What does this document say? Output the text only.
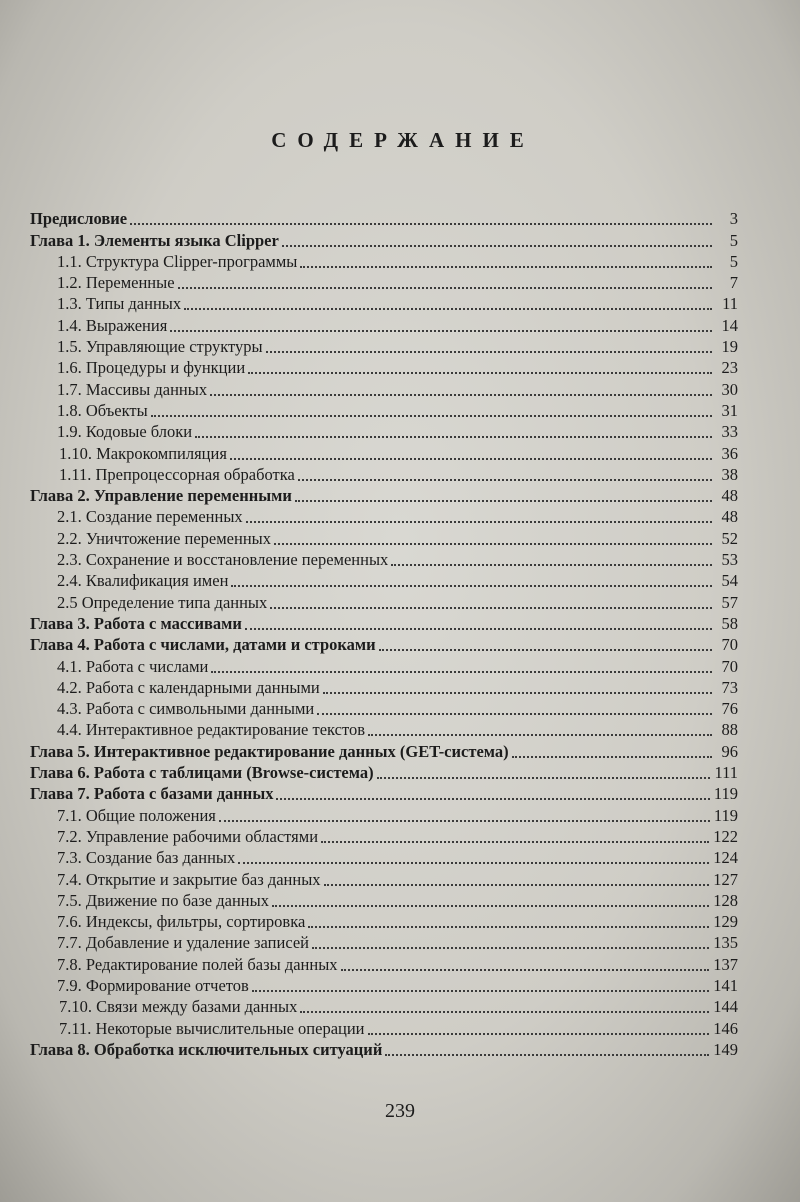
СОДЕРЖАНИЕ
Предисловие	3
Глава 1. Элементы языка Clipper	5
1.1. Структура Clipper-программы	5
1.2. Переменные	7
1.3. Типы данных	11
1.4. Выражения	14
1.5. Управляющие структуры	19
1.6. Процедуры и функции	23
1.7. Массивы данных	30
1.8. Объекты	31
1.9. Кодовые блоки	33
1.10. Макрокомпиляция	36
1.11. Препроцессорная обработка	38
Глава 2. Управление переменными	48
2.1. Создание переменных	48
2.2. Уничтожение переменных	52
2.3. Сохранение и восстановление переменных	53
2.4. Квалификация имен	54
2.5 Определение типа данных	57
Глава 3. Работа с массивами	58
Глава 4. Работа с числами, датами и строками	70
4.1. Работа с числами	70
4.2. Работа с календарными данными	73
4.3. Работа с символьными данными	76
4.4. Интерактивное редактирование текстов	88
Глава 5. Интерактивное редактирование данных (GET-система)	96
Глава 6. Работа с таблицами (Browse-система)	111
Глава 7. Работа с базами данных	119
7.1. Общие положения	119
7.2. Управление рабочими областями	122
7.3. Создание баз данных	124
7.4. Открытие и закрытие баз данных	127
7.5. Движение по базе данных	128
7.6. Индексы, фильтры, сортировка	129
7.7. Добавление и удаление записей	135
7.8. Редактирование полей базы данных	137
7.9. Формирование отчетов	141
7.10. Связи между базами данных	144
7.11. Некоторые вычислительные операции	146
Глава 8. Обработка исключительных ситуаций	149
239
